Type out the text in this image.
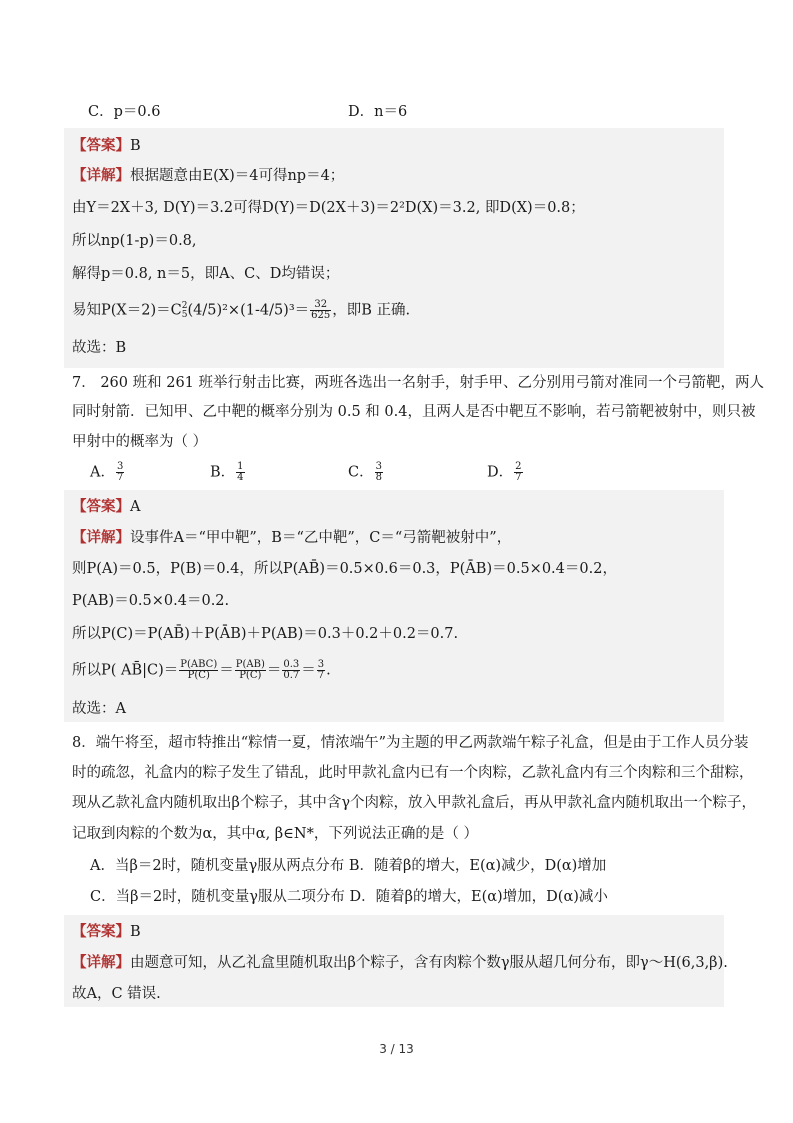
C．p＝0.6	D．n＝6
【答案】B
【详解】根据题意由E(X)＝4可得np＝4；
由Y＝2X＋3, D(Y)＝3.2可得D(Y)＝D(2X＋3)＝2²D(X)＝3.2, 即D(X)＝0.8；
所以np(1-p)＝0.8,
解得p＝0.8, n＝5，即A、C、D均错误；
易知P(X＝2)＝C 2
5 $(4/5)^2\times(1-4/5)^3= \frac{32}{625}$ ，即B 正确.
故选：B
7． 260 班和 261 班举行射击比赛，两班各选出一名射手，射手甲、乙分别用弓箭对准同一个弓箭靶，两人
同时射箭．已知甲、乙中靶的概率分别为 0.5 和 0.4，且两人是否中靶互不影响，若弓箭靶被射中，则只被
甲射中的概率为（ ）
A． $\frac{3}{7}$	B． $\frac{1}{4}$	C． $\frac{3}{8}$	D． $\frac{2}{7}$
【答案】A
【详解】设事件A＝“甲中靶”，B＝“乙中靶”，C＝“弓箭靶被射中”，
则P(A)＝0.5，P(B)＝0.4，所以P(AB̄)＝0.5×0.6＝0.3，P(ĀB)＝0.5×0.4＝0.2，
P(AB)＝0.5×0.4＝0.2.
所以P(C)＝P(AB̄)＋P(ĀB)＋P(AB)＝0.3＋0.2＋0.2＝0.7.
所以P( AB̄|C)＝ $\frac{\text{P(ABC)}}{P(C)} = \frac{P(AB)}{P(C)} = \frac{0.3}{0.7} = \frac{3}{7}$ .
故选：A
8．端午将至，超市特推出“粽情一夏，情浓端午”为主题的甲乙两款端午粽子礼盒，但是由于工作人员分装
时的疏忽，礼盒内的粽子发生了错乱，此时甲款礼盒内已有一个肉粽，乙款礼盒内有三个肉粽和三个甜粽，
现从乙款礼盒内随机取出β个粽子，其中含γ个肉粽，放入甲款礼盒后，再从甲款礼盒内随机取出一个粽子，
记取到肉粽的个数为α，其中α, β∈N*，下列说法正确的是（ ）
A．当β＝2时，随机变量γ服从两点分布 B．随着β的增大，E(α)减少，D(α)增加
C．当β＝2时，随机变量γ服从二项分布 D．随着β的增大，E(α)增加，D(α)减小
【答案】B
【详解】由题意可知，从乙礼盒里随机取出β个粽子，含有肉粽个数γ服从超几何分布，即γ～H(6,3,β).
故A，C 错误.
3 / 13
